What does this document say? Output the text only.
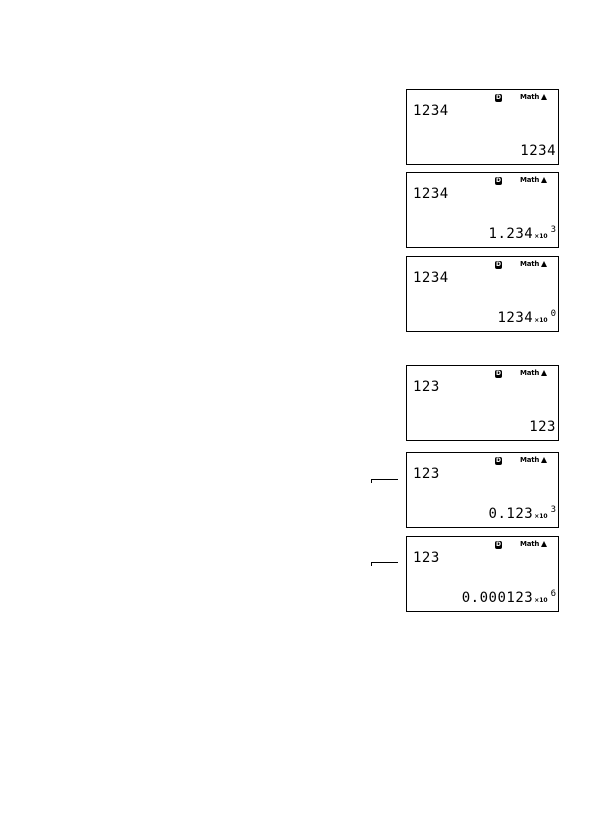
D	Math
1234
1234
D	Math
1234
1.234 ×10
3
D	Math
1234
1234 ×10
0
D	Math
123
123
D	Math
123
0.123 ×10
3
D	Math
123
0.000123 ×10
6
